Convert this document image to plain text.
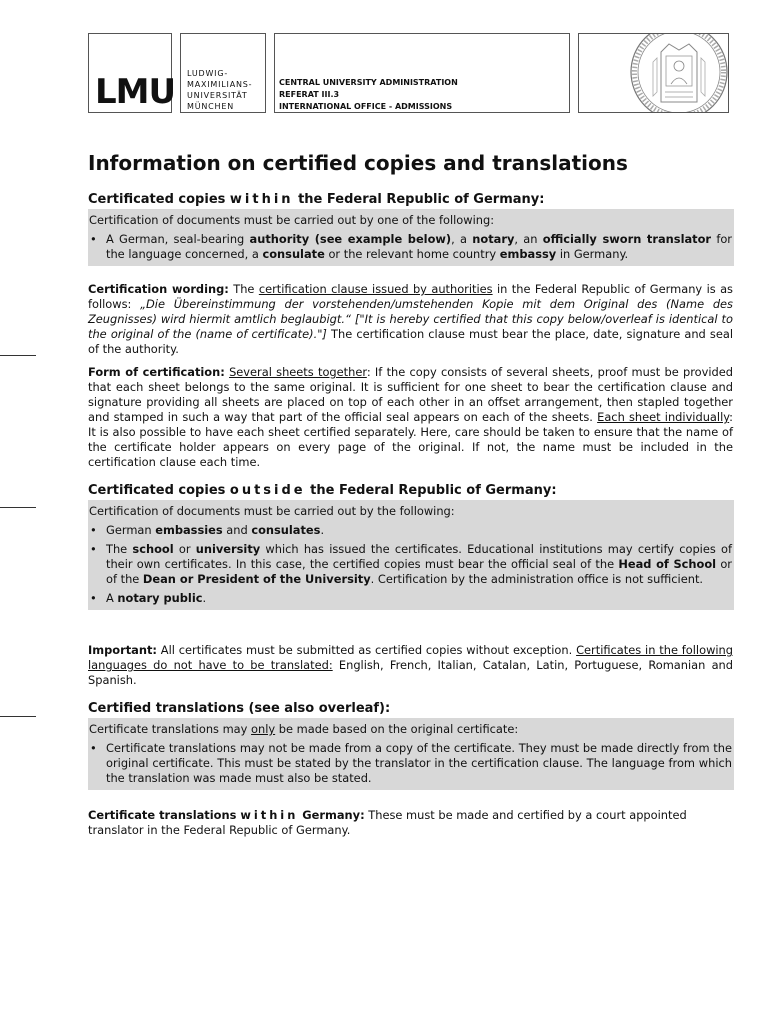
LMU LUDWIG-
MAXIMILIANS-
UNIVERSITÄT
MÜNCHEN
CENTRAL UNIVERSITY ADMINISTRATION
REFERAT III.3
INTERNATIONAL OFFICE - ADMISSIONS
Information on certified copies and translations
Certificated copies within the Federal Republic of Germany:

Certification of documents must be carried out by one of the following:

• A German, seal-bearing authority (see example below), a notary, an officially sworn translator for the language concerned, a consulate or the relevant home country embassy in Germany.

Certification wording: The certification clause issued by authorities in the Federal Republic of Germany is as follows: „Die Übereinstimmung der vorstehenden/umstehenden Kopie mit dem Original des (Name des Zeugnisses) wird hiermit amtlich beglaubigt.“ ["It is hereby certified that this copy below/overleaf is identical to the original of the (name of certificate)."] The certification clause must bear the place, date, signature and seal of the authority.

Form of certification: Several sheets together: If the copy consists of several sheets, proof must be provided that each sheet belongs to the same original. It is sufficient for one sheet to bear the certification clause and signature providing all sheets are placed on top of each other in an offset arrangement, then stapled together and stamped in such a way that part of the official seal appears on each of the sheets. Each sheet individually: It is also possible to have each sheet certified separately. Here, care should be taken to ensure that the name of the certificate holder appears on every page of the original. If not, the name must be included in the certification clause each time.

Certificated copies outside the Federal Republic of Germany:

Certification of documents must be carried out by the following:

• German embassies and consulates.
• The school or university which has issued the certificates. Educational institutions may certify copies of their own certificates. In this case, the certified copies must bear the official seal of the Head of School or of the Dean or President of the University. Certification by the administration office is not sufficient.
• A notary public.

Important: All certificates must be submitted as certified copies without exception. Certificates in the following languages do not have to be translated: English, French, Italian, Catalan, Latin, Portuguese, Romanian and Spanish.

Certified translations (see also overleaf):

Certificate translations may only be made based on the original certificate:

• Certificate translations may not be made from a copy of the certificate. They must be made directly from the original certificate. This must be stated by the translator in the certification clause. The language from which the translation was made must also be stated.

Certificate translations within Germany: These must be made and certified by a court appointed translator in the Federal Republic of Germany.
